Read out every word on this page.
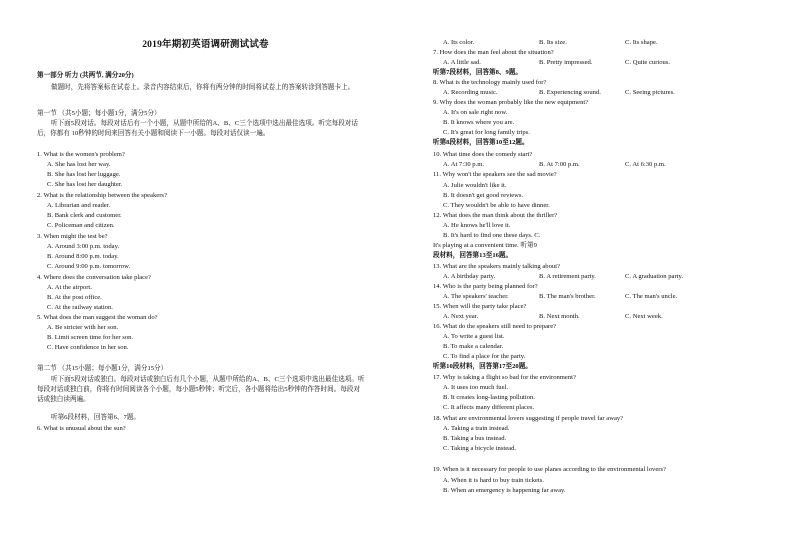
2019年期初英语调研测试试卷
第一部分 听力 (共两节, 满分20分)
做题时，先将答案标在试卷上。录音内容结束后，你将有两分钟的时间将试卷上的答案转涂到答题卡上。
第一节 （共5小题；每小题1分，满分5分）
听下面5段对话。每段对话后有一个小题，从题中所给的A、B、C三个选项中选出最佳选项。听完每段对话后，你都有 10秒钟的时间来回答有关小题和阅读下一小题。每段对话仅读一遍。
1. What is the women's problem?
A. She has lost her way.
B. She has lost her luggage.
C. She has lost her daughter.
2. What is the relationship between the speakers?
A. Librarian and reader.
B. Bank clerk and customer.
C. Policeman and citizen.
3. When might the test be?
A. Around 3:00 p.m. today.
B. Around 8:00 p.m. today.
C. Around 9:00 p.m. tomorrow.
4. Where does the conversation take place?
A. At the airport.
B. At the post office.
C. At the railway station.
5. What does the man suggest the woman do?
A. Be stricter with her son.
B. Limit screen time for her son.
C. Have confidence in her son.
第二节 （共15小题；每小题1分，满分15分）
听下面5段对话或独白。每段对话或独白后有几个小题，从题中所给的A、B、C三个选项中选出最佳选项。听每段对话或独白前，你将有时间阅读各个小题，每小题5秒钟；听完后，各小题将给出5秒钟的作答时间。每段对话或独白读两遍。
听第6段材料，回答第6、7题。
6. What is unusual about the sun?
A. Its color.	B. Its size.	C. Its shape.
7. How does the man feel about the situation?
A. A little sad.	B. Pretty impressed.	C. Quite curious.
听第7段材料，回答第8、9题。
8. What is the technology mainly used for?
A. Recording music.	B. Experiencing sound.	C. Seeing pictures.
9. Why does the woman probably like the new equipment?
A. It's on sale right now.
B. It knows where you are.
C. It's great for long family trips.
听第8段材料，回答第10至12题。
10. What time does the comedy start?
A. At 7:30 p.m.	B. At 7:00 p.m.	C. At 6:30 p.m.
11. Why won't the speakers see the sad movie?
A. Julie wouldn't like it.
B. It doesn't get good reviews.
C. They wouldn't be able to have dinner.
12. What does the man think about the thriller?
A. He knows he'll love it.
B. It's hard to find one these days. C.
It's playing at a convenient time. 听第9
段材料，回答第13至16题。
13. What are the speakers mainly talking about?
A. A birthday party.	B. A retirement party.	C. A graduation party.
14. Who is the party being planned for?
A. The speakers' teacher.	B. The man's brother.	C. The man's uncle.
15. When will the party take place?
A. Next year.	B. Next month.	C. Next week.
16. What do the speakers still need to prepare?
A. To write a guest list.
B. To make a calendar.
C. To find a place for the party.
听第10段材料，回答第17至20题。
17. Why is taking a flight so bad for the environment?
A. It uses too much fuel.
B. It creates long-lasting pollution.
C. It affects many different places.
18. What are environmental lovers suggesting if people travel far away?
A. Taking a train instead.
B. Taking a bus instead.
C. Taking a bicycle instead.
19. When is it necessary for people to use planes according to the environmental lovers?
A. When it is hard to buy train tickets.
B. When an emergency is happening far away.
